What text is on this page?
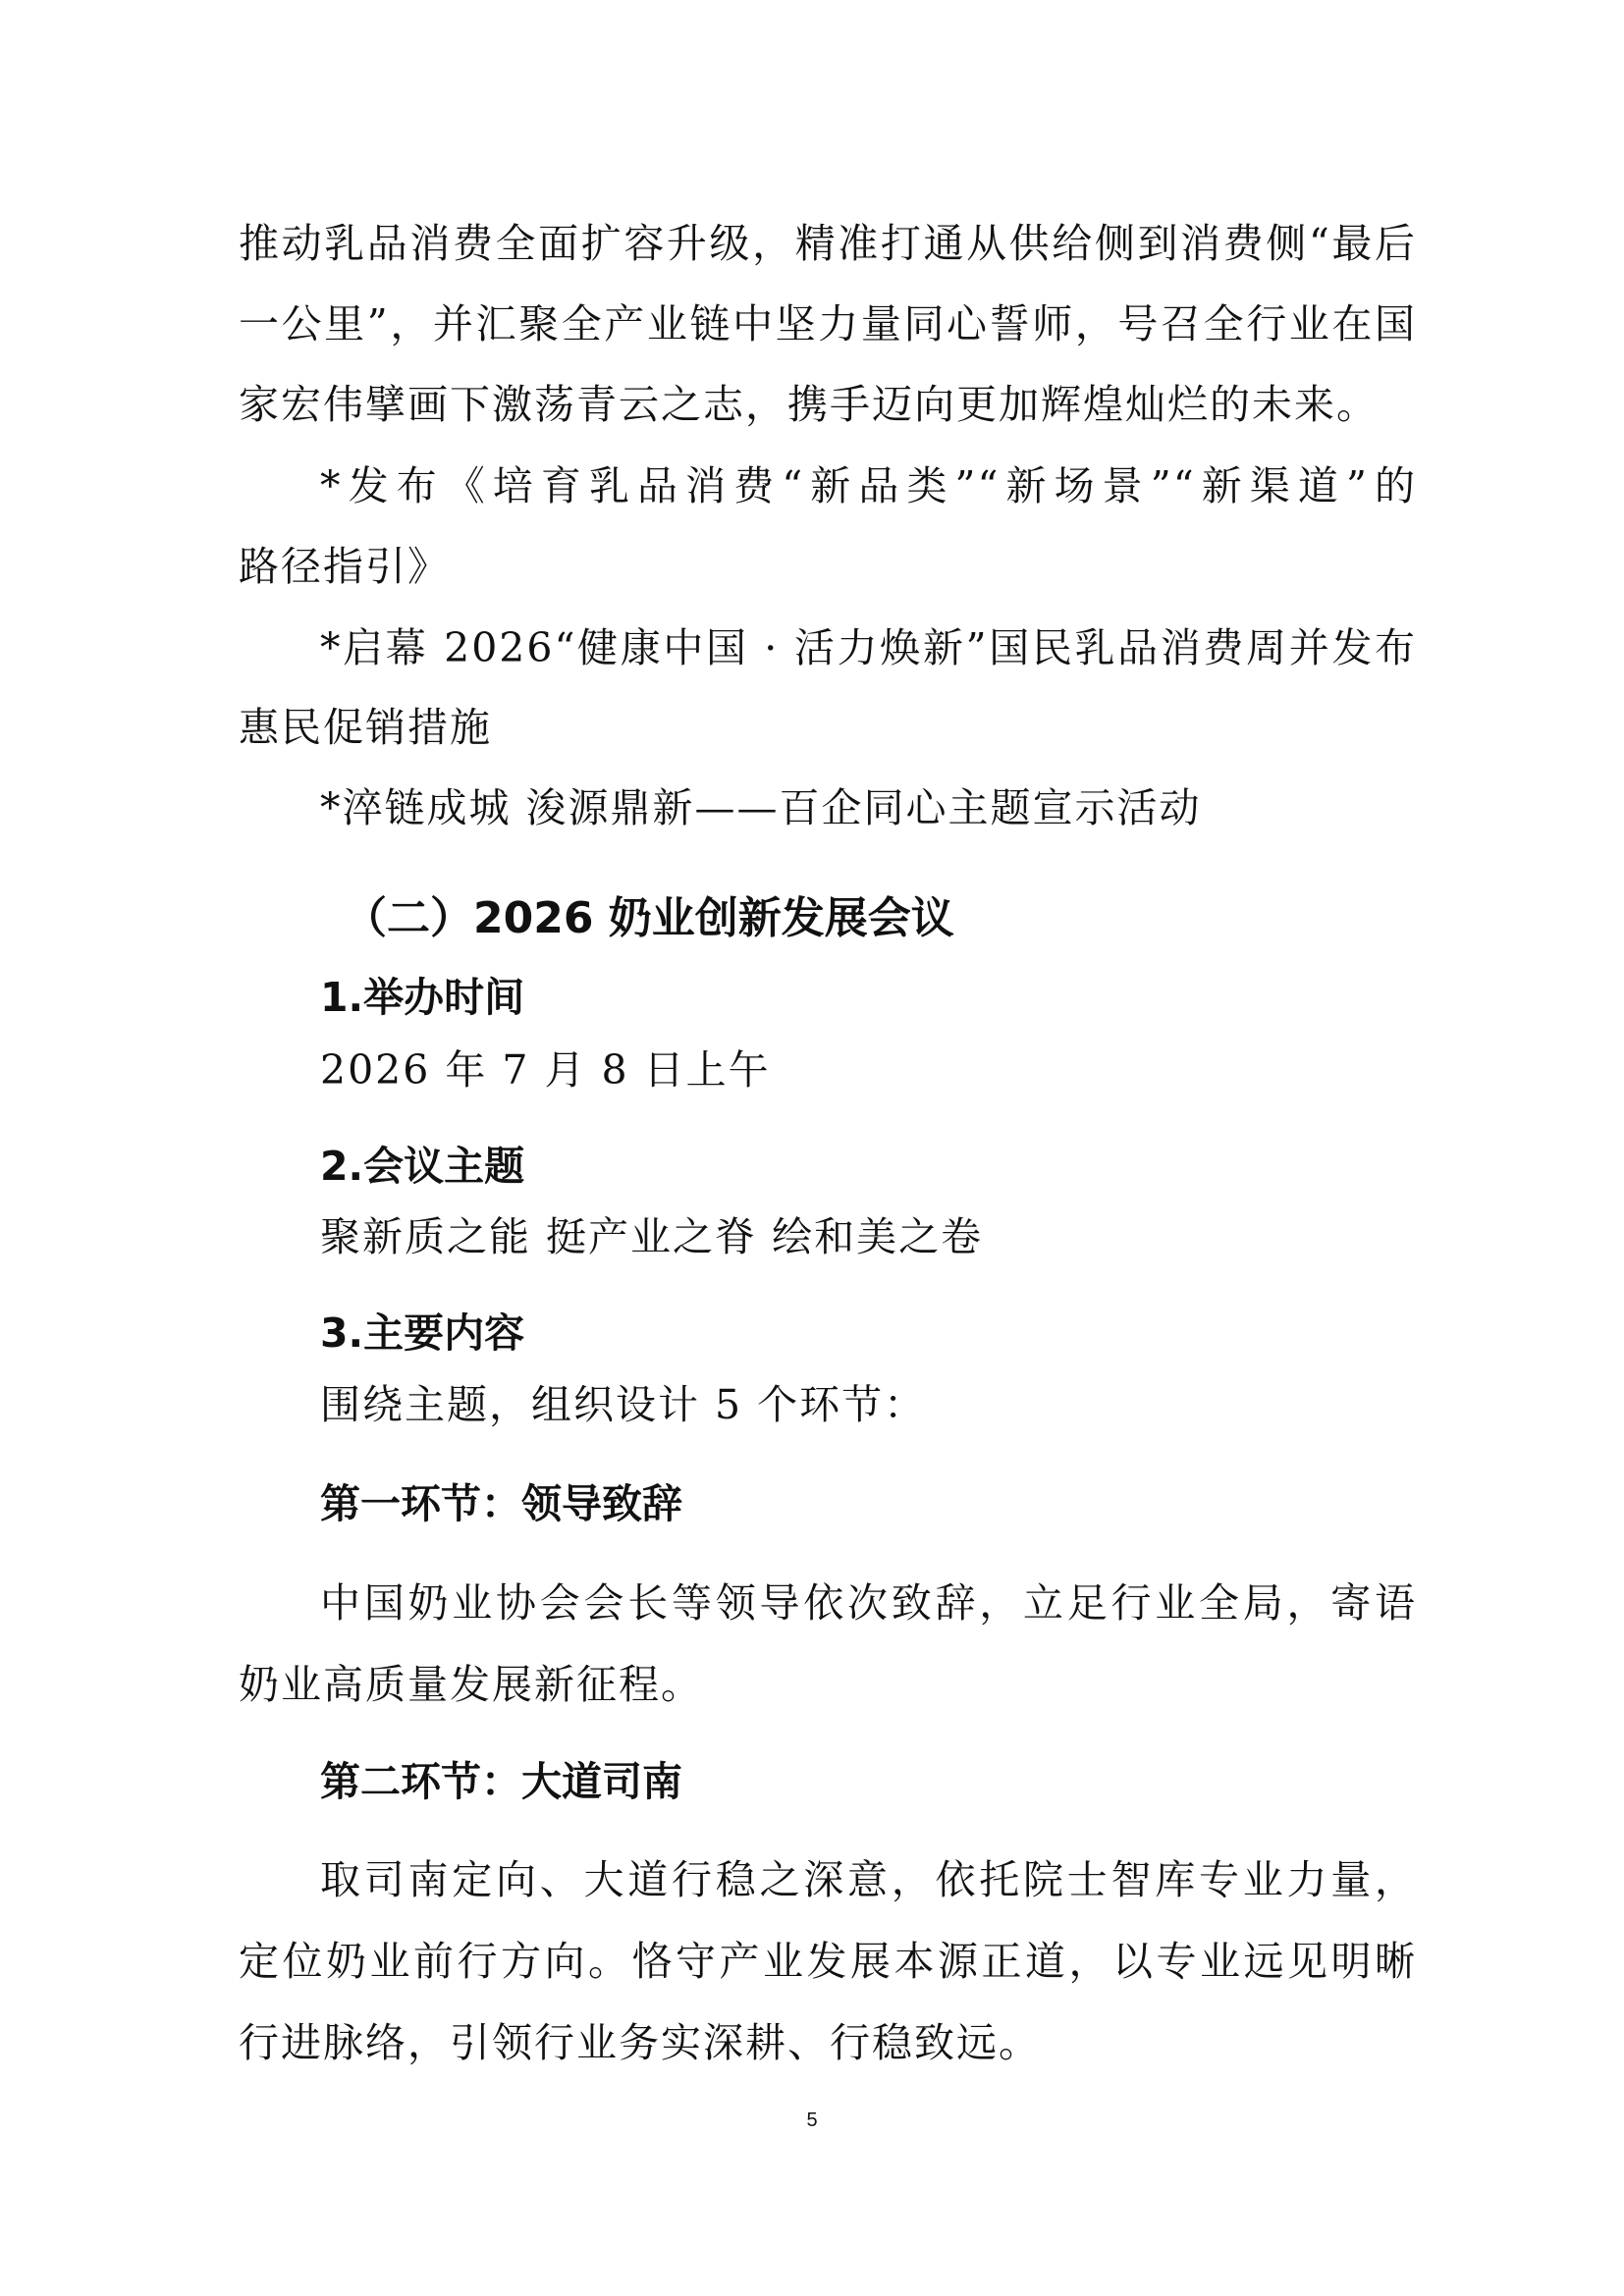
推动乳品消费全面扩容升级，精准打通从供给侧到消费侧“最后
一公里”，并汇聚全产业链中坚力量同心誓师，号召全行业在国
家宏伟擘画下激荡青云之志，携手迈向更加辉煌灿烂的未来。
*发布《培育乳品消费“新品类”“新场景”“新渠道”的
路径指引》
*启幕 2026“健康中国 · 活力焕新”国民乳品消费周并发布
惠民促销措施
*淬链成城 浚源鼎新——百企同心主题宣示活动
（二）2026 奶业创新发展会议
1.举办时间
2026 年 7 月 8 日上午
2.会议主题
聚新质之能 挺产业之脊 绘和美之卷
3.主要内容
围绕主题，组织设计 5 个环节：
第一环节：领导致辞
中国奶业协会会长等领导依次致辞，立足行业全局，寄语
奶业高质量发展新征程。
第二环节：大道司南
取司南定向、大道行稳之深意，依托院士智库专业力量，
定位奶业前行方向。恪守产业发展本源正道，以专业远见明晰
行进脉络，引领行业务实深耕、行稳致远。
5
